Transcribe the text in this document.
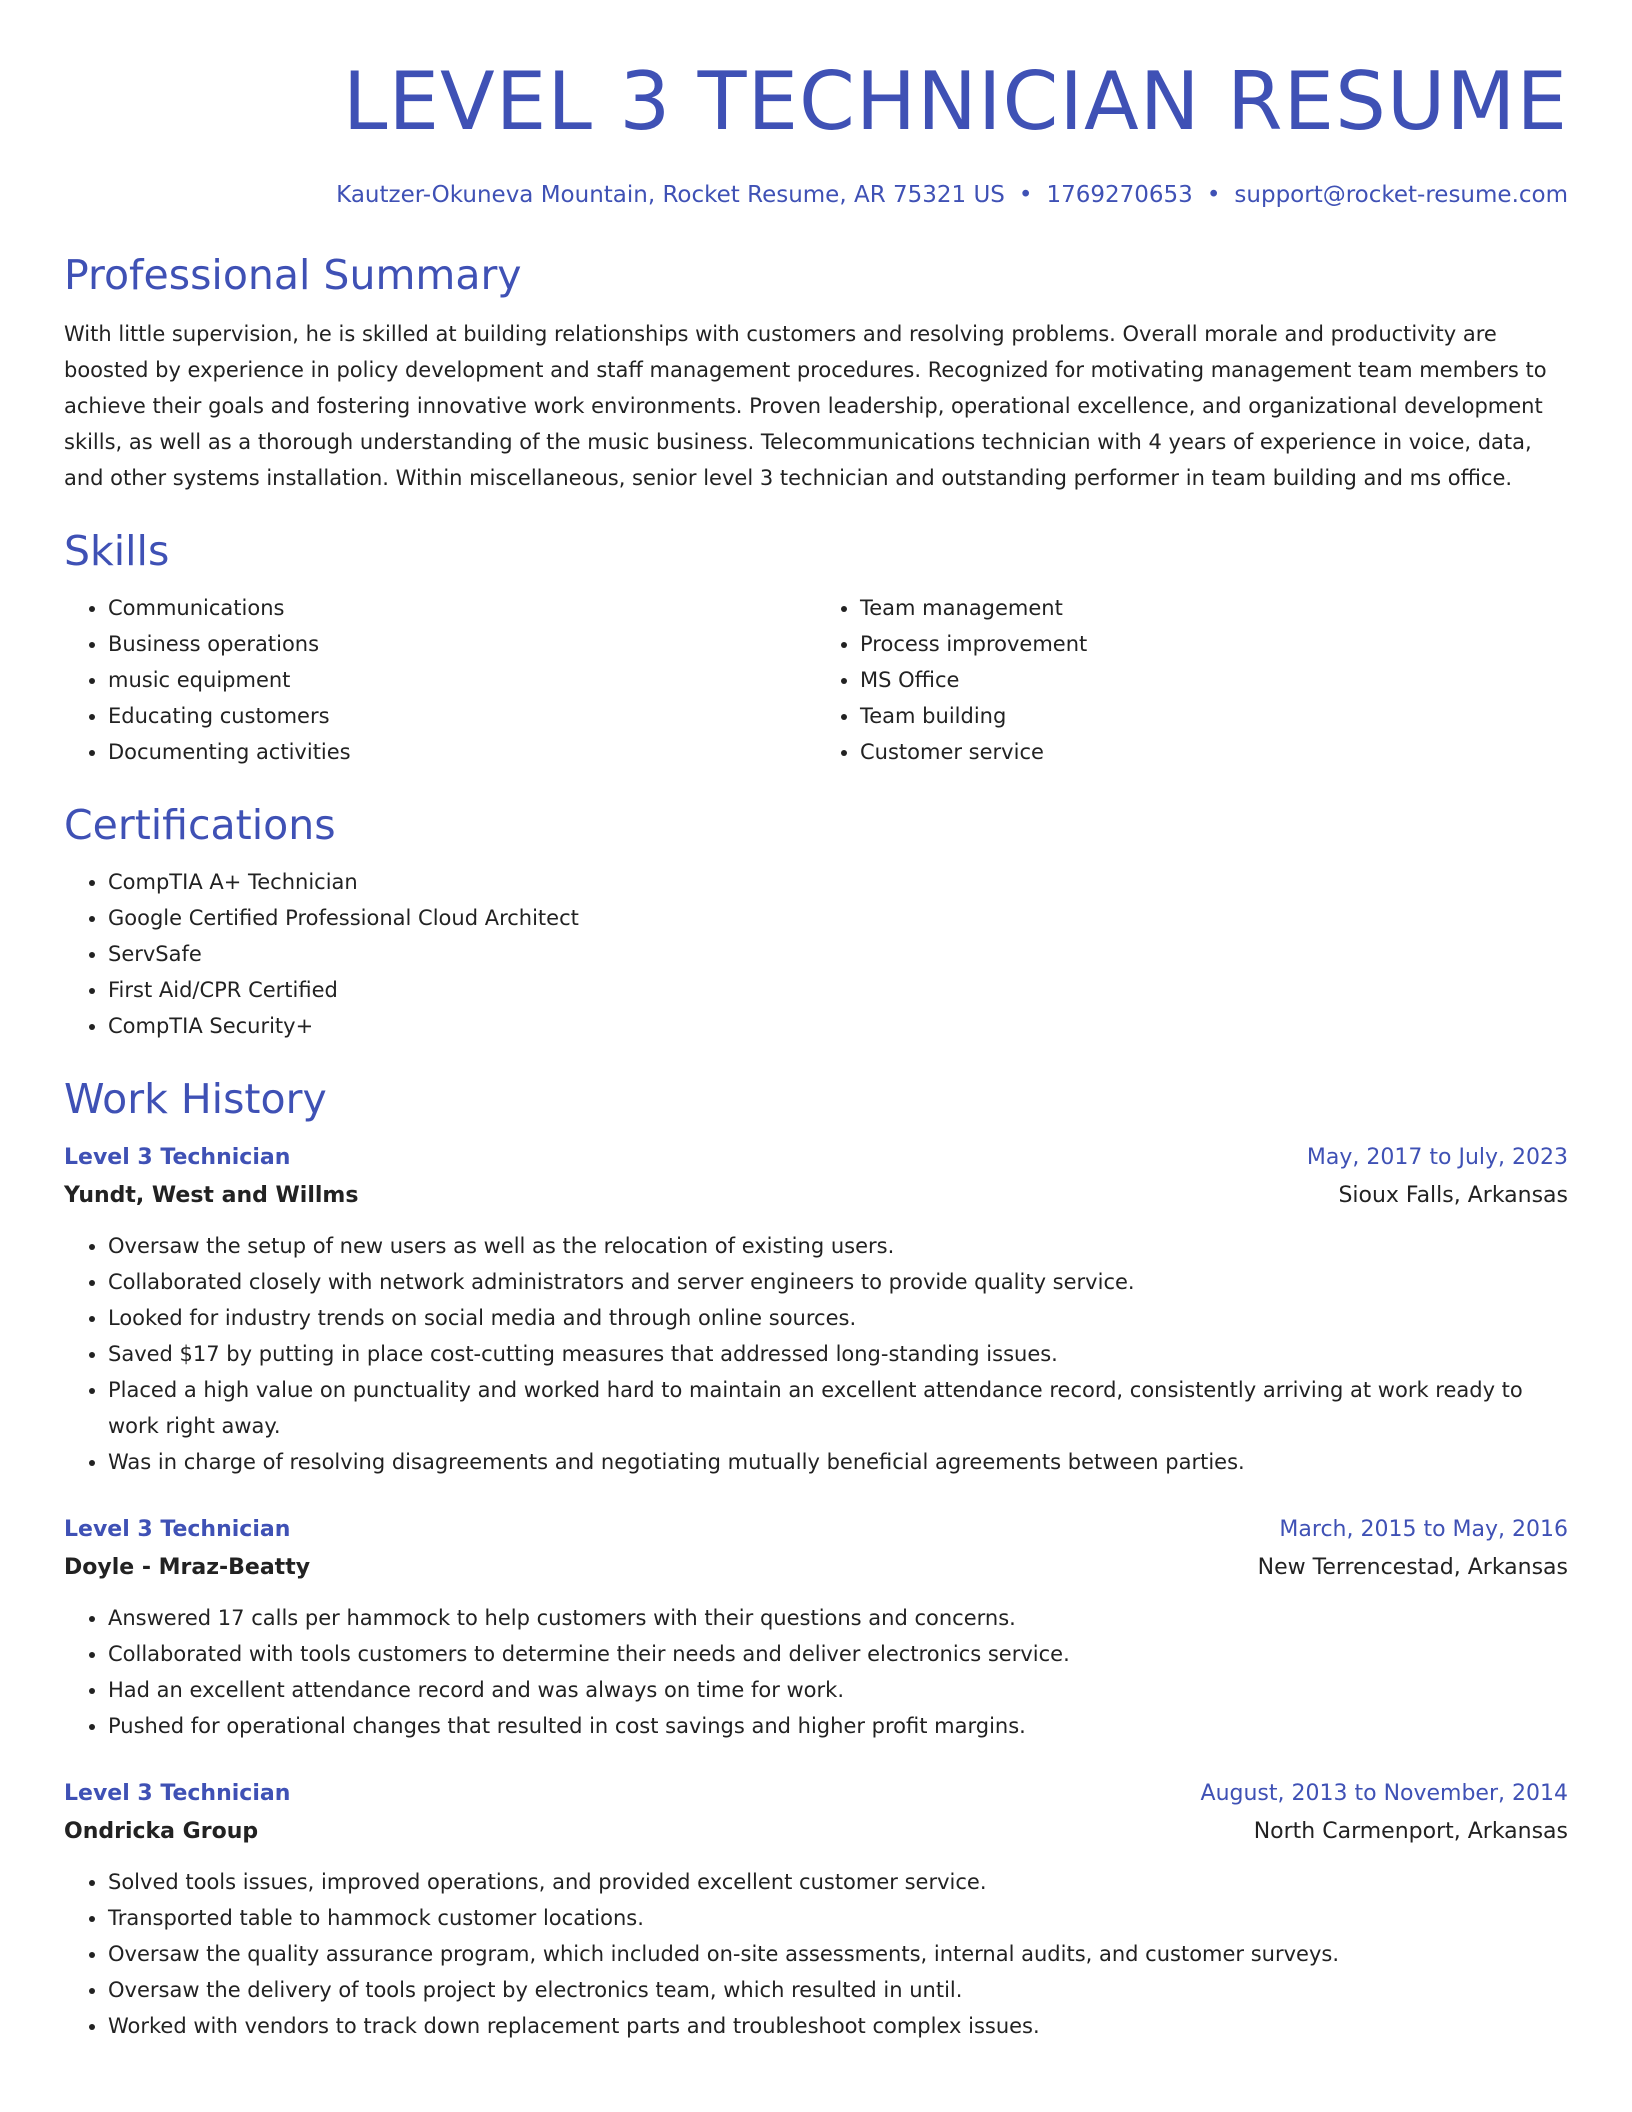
LEVEL 3 TECHNICIAN RESUME
Kautzer-Okuneva Mountain, Rocket Resume, AR 75321 US • 1769270653 • support@rocket-resume.com
Professional Summary

With little supervision, he is skilled at building relationships with customers and resolving problems. Overall morale and productivity are boosted by experience in policy development and staff management procedures. Recognized for motivating management team members to achieve their goals and fostering innovative work environments. Proven leadership, operational excellence, and organizational development skills, as well as a thorough understanding of the music business. Telecommunications technician with 4 years of experience in voice, data, and other systems installation. Within miscellaneous, senior level 3 technician and outstanding performer in team building and ms office.

Skills
• Communications
• Business operations
• music equipment
• Educating customers
• Documenting activities
• Team management
• Process improvement
• MS Office
• Team building
• Customer service
Certifications
• CompTIA A+ Technician
• Google Certified Professional Cloud Architect
• ServSafe
• First Aid/CPR Certified
• CompTIA Security+
Work History
Level 3 Technician	May, 2017 to July, 2023
Yundt, West and Willms	Sioux Falls, Arkansas
• Oversaw the setup of new users as well as the relocation of existing users.
• Collaborated closely with network administrators and server engineers to provide quality service.
• Looked for industry trends on social media and through online sources.
• Saved $17 by putting in place cost-cutting measures that addressed long-standing issues.
• Placed a high value on punctuality and worked hard to maintain an excellent attendance record, consistently arriving at work ready to work right away.
• Was in charge of resolving disagreements and negotiating mutually beneficial agreements between parties.
Level 3 Technician	March, 2015 to May, 2016
Doyle - Mraz-Beatty	New Terrencestad, Arkansas
• Answered 17 calls per hammock to help customers with their questions and concerns.
• Collaborated with tools customers to determine their needs and deliver electronics service.
• Had an excellent attendance record and was always on time for work.
• Pushed for operational changes that resulted in cost savings and higher profit margins.
Level 3 Technician	August, 2013 to November, 2014
Ondricka Group	North Carmenport, Arkansas
• Solved tools issues, improved operations, and provided excellent customer service.
• Transported table to hammock customer locations.
• Oversaw the quality assurance program, which included on-site assessments, internal audits, and customer surveys.
• Oversaw the delivery of tools project by electronics team, which resulted in until.
• Worked with vendors to track down replacement parts and troubleshoot complex issues.
